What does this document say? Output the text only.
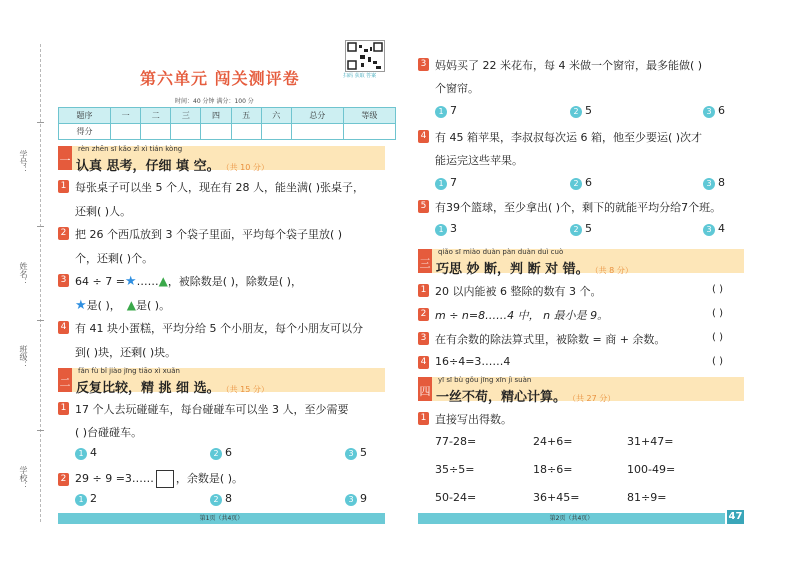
学号：
姓名：
班级：
学校：
第六单元 闯关测评卷
时间：40 分钟 满分：100 分
扫码 获取 答案
题序	一	二	三	四	五	六	总分	等级
得分								
一
rèn zhēn sī kǎo zǐ xì tián kòng
认真 思考，仔细 填 空。 （共 10 分）
1 每张桌子可以坐 5 个人，现在有 28 人，能坐满( )张桌子，
还剩( )人。
2 把 26 个西瓜放到 3 个袋子里面，平均每个袋子里放( )
个，还剩( )个。
3 64 ÷ 7 =★……▲，被除数是( )，除数是( )，
★是( )， ▲是( )。
4 有 41 块小蛋糕，平均分给 5 个小朋友，每个小朋友可以分
到( )块，还剩( )块。
二
fǎn fù bǐ jiào jīng tiāo xì xuǎn
反复比较，精 挑 细 选。 （共 15 分）
1 17 个人去玩碰碰车，每台碰碰车可以坐 3 人，至少需要
( )台碰碰车。
1 4	2 6	3 5
2 29 ÷ 9 =3…… ，余数是( )。
1 2	2 8	3 9
第1页（共4页）
3 妈妈买了 22 米花布，每 4 米做一个窗帘，最多能做( )
个窗帘。
1 7	2 5	3 6
4 有 45 箱苹果，李叔叔每次运 6 箱，他至少要运( )次才
能运完这些苹果。
1 7	2 6	3 8
5 有39个篮球，至少拿出( )个，剩下的就能平均分给7个班。
1 3	2 5	3 4
三
qiǎo sī miào duàn pàn duàn duì cuò
巧思 妙 断，判 断 对 错。 （共 8 分）
1 20 以内能被 6 整除的数有 3 个。	( )
2 m ÷ n=8……4 中， n 最小是 9。	( )
3 在有余数的除法算式里，被除数 = 商 + 余数。	( )
4 16÷4=3……4	( )
四
yī sī bù gǒu jīng xīn jì suàn
一丝不苟，精心计算。 （共 27 分）
1 直接写出得数。
77-28=	24+6=	31+47=
35÷5=	18÷6=	100-49=
50-24=	36+45=	81÷9=
第2页（共4页）	47
